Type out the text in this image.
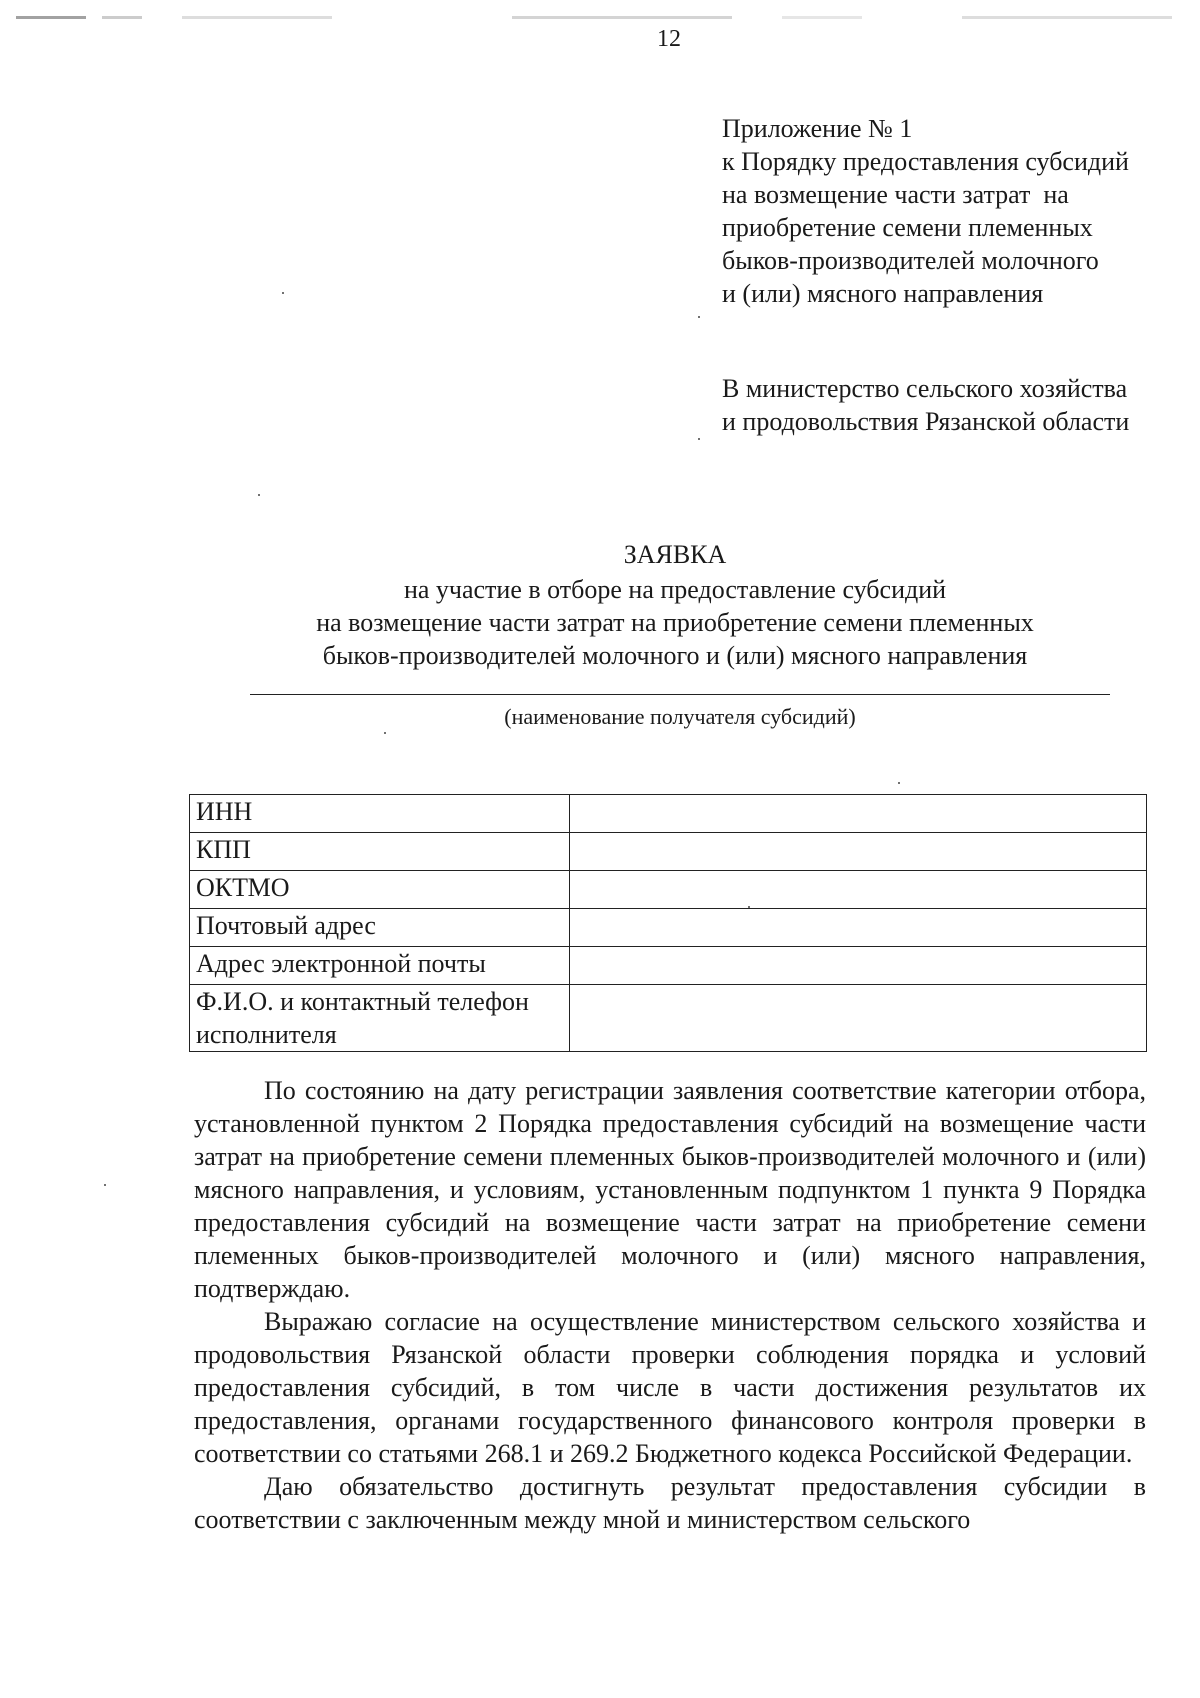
12
Приложение № 1
к Порядку предоставления субсидий
на возмещение части затрат  на
приобретение семени племенных
быков-производителей молочного
и (или) мясного направления
В министерство сельского хозяйства
и продовольствия Рязанской области
ЗАЯВКА
на участие в отборе на предоставление субсидий
на возмещение части затрат на приобретение семени племенных
быков-производителей молочного и (или) мясного направления
(наименование получателя субсидий)
ИНН	
КПП	
ОКТМО	
Почтовый адрес	
Адрес электронной почты	
Ф.И.О. и контактный телефон исполнителя	

По состоянию на дату регистрации заявления соответствие категории отбора, установленной пунктом 2 Порядка предоставления субсидий на возмещение части затрат на приобретение семени племенных быков-производителей молочного и (или) мясного направления, и условиям, установленным подпунктом 1 пункта 9 Порядка предоставления субсидий на возмещение части затрат на приобретение семени племенных быков-производителей молочного и (или) мясного направления, подтверждаю.

Выражаю согласие на осуществление министерством сельского хозяйства и продовольствия Рязанской области проверки соблюдения порядка и условий предоставления субсидий, в том числе в части достижения результатов их предоставления, органами государственного финансового контроля проверки в соответствии со статьями 268.1 и 269.2 Бюджетного кодекса Российской Федерации.

Даю обязательство достигнуть результат предоставления субсидии в соответствии с заключенным между мной и министерством сельского
